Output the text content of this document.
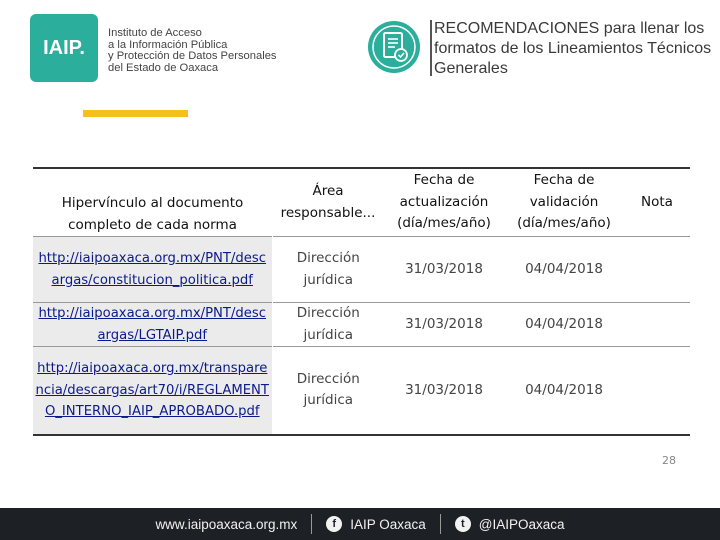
IAIP.
Instituto de Acceso
a la Información Pública
y Protección de Datos Personales
del Estado de Oaxaca
RECOMENDACIONES para llenar los formatos de los Lineamientos Técnicos Generales
Hipervínculo al documento completo de cada norma	Área responsable...	Fecha de actualización (día/mes/año)	Fecha de validación (día/mes/año)	Nota
http://iaipoaxaca.org.mx/PNT/descargas/constitucion_politica.pdf	Dirección jurídica	31/03/2018	04/04/2018	
http://iaipoaxaca.org.mx/PNT/descargas/LGTAIP.pdf	Dirección jurídica	31/03/2018	04/04/2018	
http://iaipoaxaca.org.mx/transparencia/descargas/art70/i/REGLAMENTO_INTERNO_IAIP_APROBADO.pdf	Dirección jurídica	31/03/2018	04/04/2018	
28
www.iaipoaxaca.org.mx	f	IAIP Oaxaca	t	@IAIPOaxaca
